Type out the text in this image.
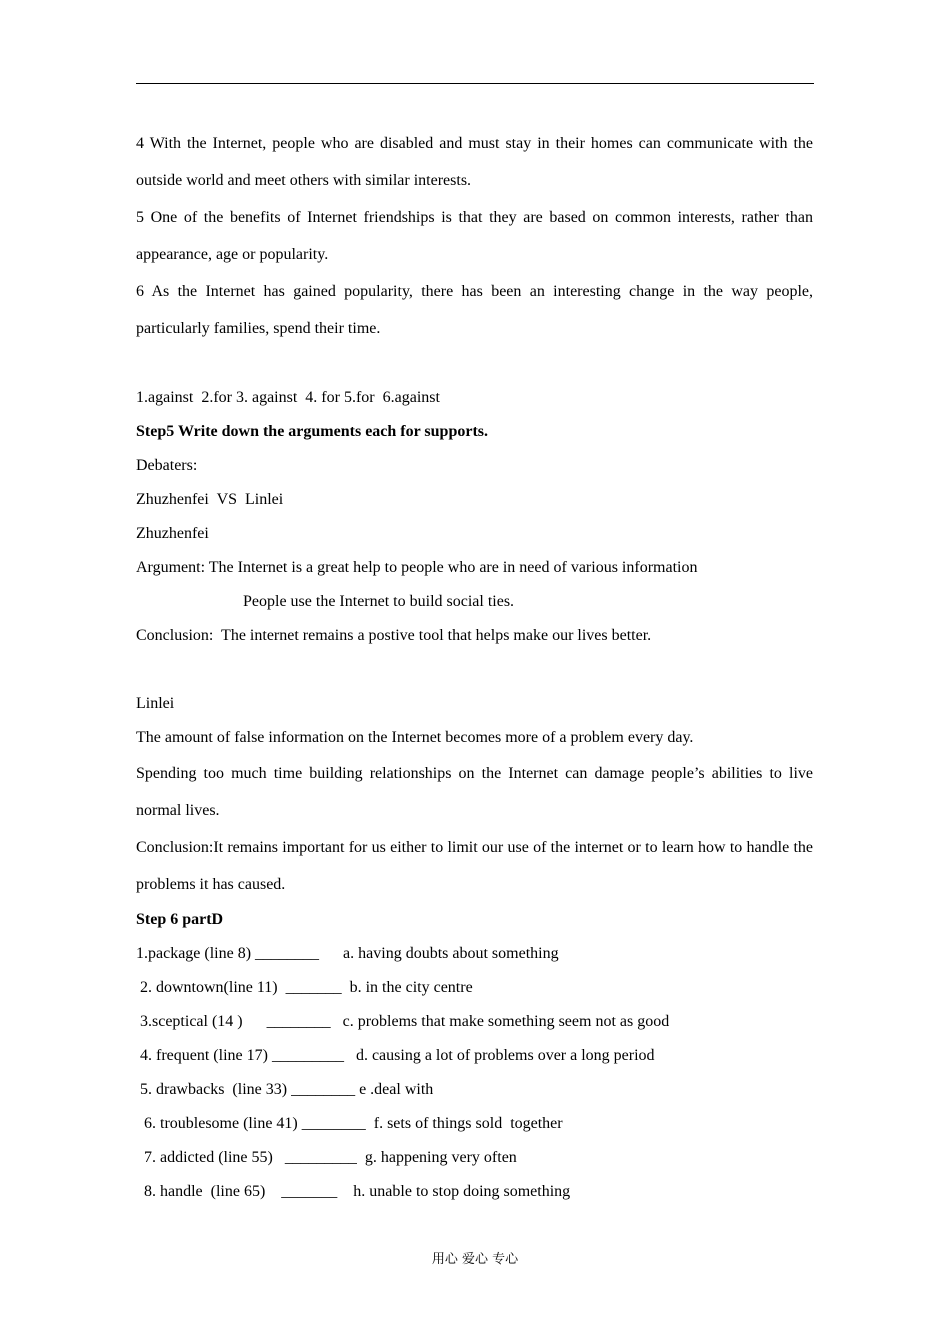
4 With the Internet, people who are disabled and must stay in their homes can communicate with the outside world and meet others with similar interests.

5 One of the benefits of Internet friendships is that they are based on common interests, rather than appearance, age or popularity.

6 As the Internet has gained popularity, there has been an interesting change in the way people, particularly families, spend their time.

1.against  2.for 3. against  4. for 5.for  6.against

Step5 Write down the arguments each for supports.

Debaters:

Zhuzhenfei  VS  Linlei

Zhuzhenfei

Argument: The Internet is a great help to people who are in need of various information

People use the Internet to build social ties.

Conclusion:  The internet remains a postive tool that helps make our lives better.

Linlei

The amount of false information on the Internet becomes more of a problem every day.

Spending too much time building relationships on the Internet can damage people’s abilities to live normal lives.

Conclusion:It remains important for us either to limit our use of the internet or to learn how to handle the problems it has caused.

Step 6 partD

1.package (line 8) ________      a. having doubts about something

2. downtown(line 11)  _______  b. in the city centre

3.sceptical (14 )      ________   c. problems that make something seem not as good

4. frequent (line 17) _________   d. causing a lot of problems over a long period

5. drawbacks  (line 33) ________ e .deal with

6. troublesome (line 41) ________  f. sets of things sold  together

7. addicted (line 55)   _________  g. happening very often

8. handle  (line 65)    _______    h. unable to stop doing something

用心 爱心 专心
